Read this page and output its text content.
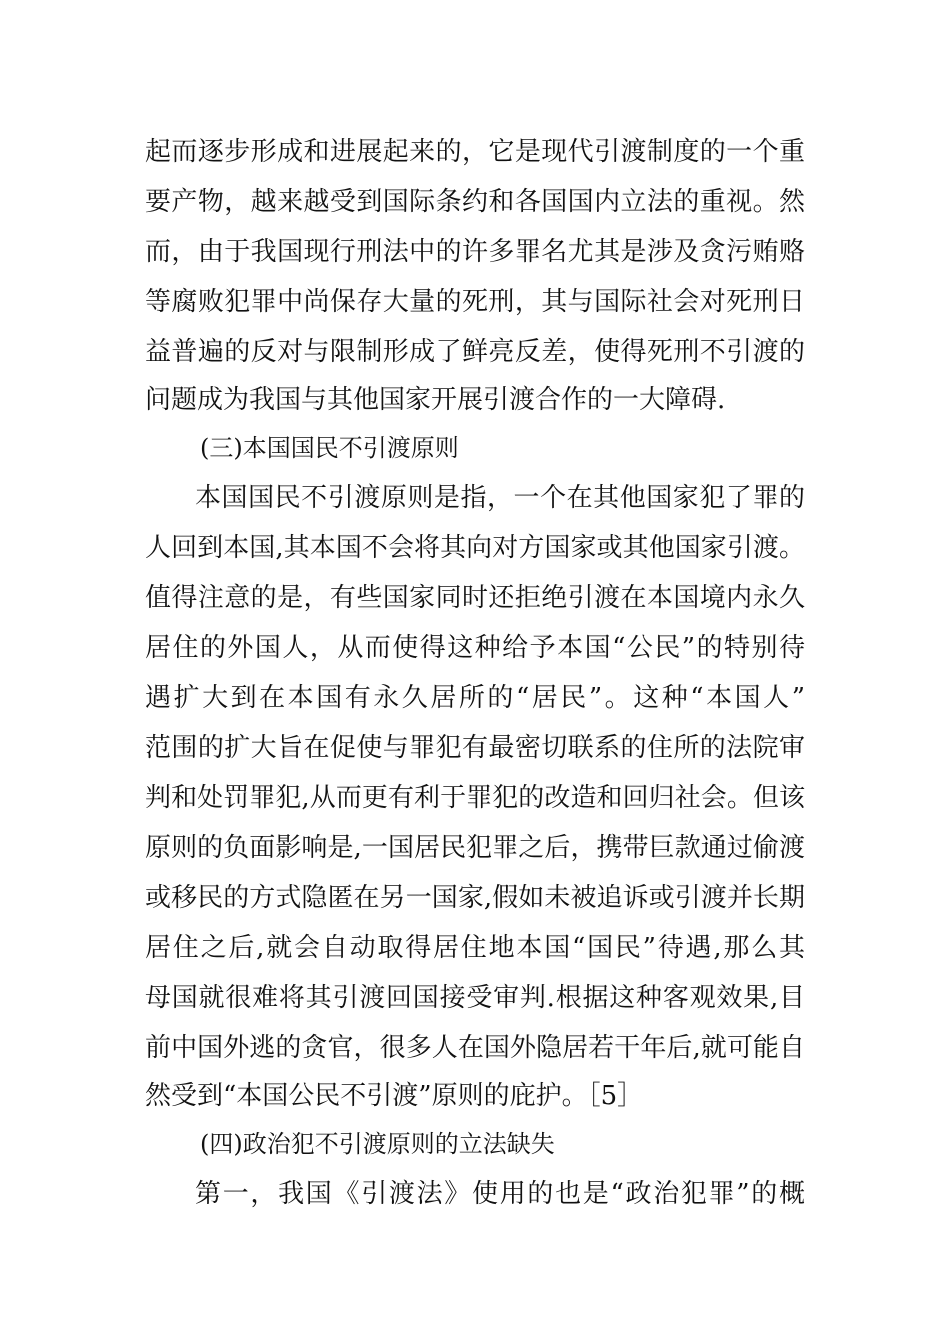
起而逐步形成和进展起来的，它是现代引渡制度的一个重
要产物，越来越受到国际条约和各国国内立法的重视。然
而，由于我国现行刑法中的许多罪名尤其是涉及贪污贿赂
等腐败犯罪中尚保存大量的死刑，其与国际社会对死刑日
益普遍的反对与限制形成了鲜亮反差，使得死刑不引渡的
问题成为我国与其他国家开展引渡合作的一大障碍.
(三)本国国民不引渡原则
本国国民不引渡原则是指，一个在其他国家犯了罪的
人回到本国,其本国不会将其向对方国家或其他国家引渡。
值得注意的是，有些国家同时还拒绝引渡在本国境内永久
居住的外国人，从而使得这种给予本国“公民”的特别待
遇扩大到在本国有永久居所的“居民”。这种“本国人”
范围的扩大旨在促使与罪犯有最密切联系的住所的法院审
判和处罚罪犯,从而更有利于罪犯的改造和回归社会。但该
原则的负面影响是,一国居民犯罪之后，携带巨款通过偷渡
或移民的方式隐匿在另一国家,假如未被追诉或引渡并长期
居住之后,就会自动取得居住地本国“国民”待遇,那么其
母国就很难将其引渡回国接受审判.根据这种客观效果,目
前中国外逃的贪官，很多人在国外隐居若干年后,就可能自
然受到“本国公民不引渡”原则的庇护。［5］
(四)政治犯不引渡原则的立法缺失
第一，我国《引渡法》使用的也是“政治犯罪”的概
